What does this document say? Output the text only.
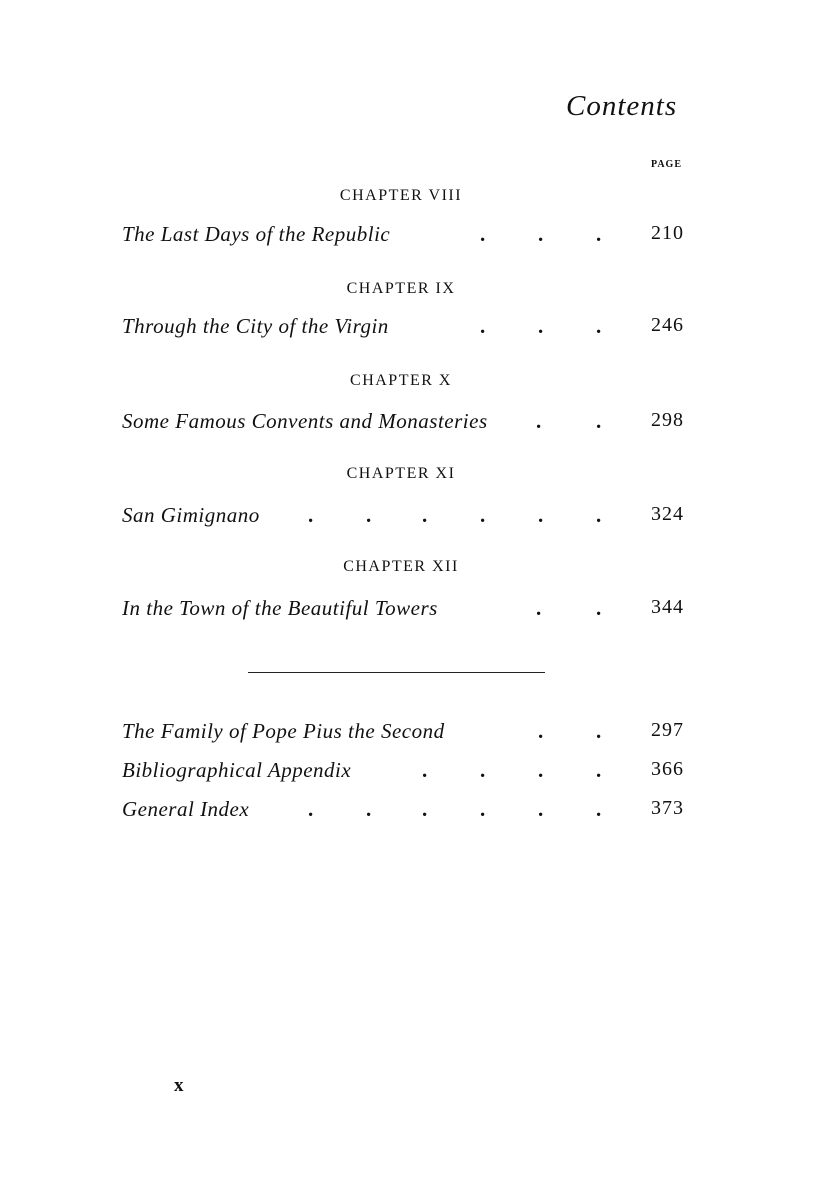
Contents
PAGE
CHAPTER VIII
The Last Days of the Republic	.	.	.	210
CHAPTER IX
Through the City of the Virgin	.	.	.	246
CHAPTER X
Some Famous Convents and Monasteries .	.	298
CHAPTER XI
San Gimignano .	. .	.	.	.	324
CHAPTER XII
In the Town of the Beautiful Towers	.	.	344
The Family of Pope Pius the Second	.	.	297
Bibliographical Appendix	.	.	.	.	366
General Index	.	. .	.	.	.	373
x
